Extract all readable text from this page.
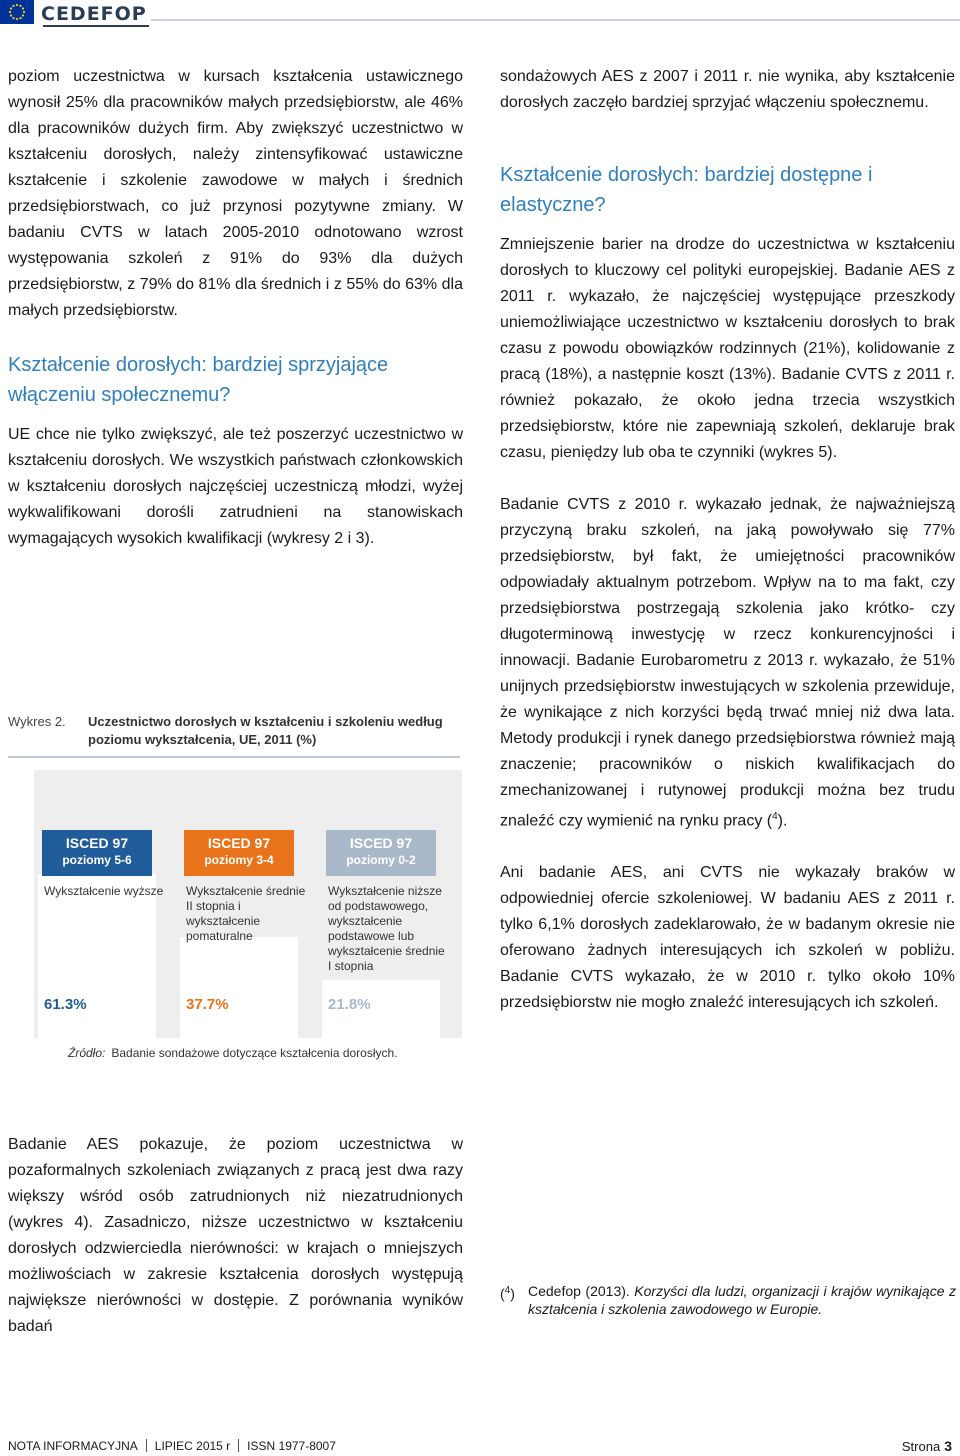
CEDEFOP

poziom uczestnictwa w kursach kształcenia ustawicznego wynosił 25% dla pracowników małych przedsiębiorstw, ale 46% dla pracowników dużych firm. Aby zwiększyć uczestnictwo w kształceniu dorosłych, należy zintensyfikować ustawiczne kształcenie i szkolenie zawodowe w małych i średnich przedsiębiorstwach, co już przynosi pozytywne zmiany. W badaniu CVTS w latach 2005-2010 odnotowano wzrost występowania szkoleń z 91% do 93% dla dużych przedsiębiorstw, z 79% do 81% dla średnich i z 55% do 63% dla małych przedsiębiorstw.

Kształcenie dorosłych: bardziej sprzyjające włączeniu społecznemu?

UE chce nie tylko zwiększyć, ale też poszerzyć uczestnictwo w kształceniu dorosłych. We wszystkich państwach członkowskich w kształceniu dorosłych najczęściej uczestniczą młodzi, wyżej wykwalifikowani dorośli zatrudnieni na stanowiskach wymagających wysokich kwalifikacji (wykresy 2 i 3).

Wykres 2. Uczestnictwo dorosłych w kształceniu i szkoleniu według poziomu wykształcenia, UE, 2011 (%)
ISCED 97
poziomy 5-6
Wykształcenie wyższe
61.3%
ISCED 97
poziomy 3-4
Wykształcenie średnie II stopnia i wykształcenie pomaturalne
37.7%
ISCED 97
poziomy 0-2
Wykształcenie niższe od podstawowego, wykształcenie podstawowe lub wykształcenie średnie I stopnia
21.8%
Źródło: Badanie sondażowe dotyczące kształcenia dorosłych.

Badanie AES pokazuje, że poziom uczestnictwa w pozaformalnych szkoleniach związanych z pracą jest dwa razy większy wśród osób zatrudnionych niż niezatrudnionych (wykres 4). Zasadniczo, niższe uczestnictwo w kształceniu dorosłych odzwierciedla nierówności: w krajach o mniejszych możliwościach w zakresie kształcenia dorosłych występują największe nierówności w dostępie. Z porównania wyników badań

sondażowych AES z 2007 i 2011 r. nie wynika, aby kształcenie dorosłych zaczęło bardziej sprzyjać włączeniu społecznemu.

Kształcenie dorosłych: bardziej dostępne i elastyczne?

Zmniejszenie barier na drodze do uczestnictwa w kształceniu dorosłych to kluczowy cel polityki europejskiej. Badanie AES z 2011 r. wykazało, że najczęściej występujące przeszkody uniemożliwiające uczestnictwo w kształceniu dorosłych to brak czasu z powodu obowiązków rodzinnych (21%), kolidowanie z pracą (18%), a następnie koszt (13%). Badanie CVTS z 2011 r. również pokazało, że około jedna trzecia wszystkich przedsiębiorstw, które nie zapewniają szkoleń, deklaruje brak czasu, pieniędzy lub oba te czynniki (wykres 5).

Badanie CVTS z 2010 r. wykazało jednak, że najważniejszą przyczyną braku szkoleń, na jaką powoływało się 77% przedsiębiorstw, był fakt, że umiejętności pracowników odpowiadały aktualnym potrzebom. Wpływ na to ma fakt, czy przedsiębiorstwa postrzegają szkolenia jako krótko- czy długoterminową inwestycję w rzecz konkurencyjności i innowacji. Badanie Eurobarometru z 2013 r. wykazało, że 51% unijnych przedsiębiorstw inwestujących w szkolenia przewiduje, że wynikające z nich korzyści będą trwać mniej niż dwa lata. Metody produkcji i rynek danego przedsiębiorstwa również mają znaczenie; pracowników o niskich kwalifikacjach do zmechanizowanej i rutynowej produkcji można bez trudu znaleźć czy wymienić na rynku pracy ($^4$).

Ani badanie AES, ani CVTS nie wykazały braków w odpowiedniej ofercie szkoleniowej. W badaniu AES z 2011 r. tylko 6,1% dorosłych zadeklarowało, że w badanym okresie nie oferowano żadnych interesujących ich szkoleń w pobliżu. Badanie CVTS wykazało, że w 2010 r. tylko około 10% przedsiębiorstw nie mogło znaleźć interesujących ich szkoleń.

($^4$) Cedefop (2013). Korzyści dla ludzi, organizacji i krajów wynikające z kształcenia i szkolenia zawodowego w Europie.
NOTA INFORMACYJNA LIPIEC 2015 r ISSN 1977-8007	Strona 3
